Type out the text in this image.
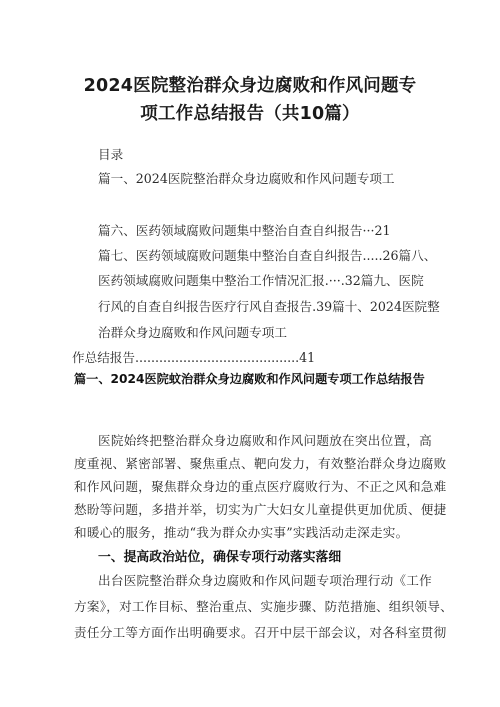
2024医院整治群众身边腐败和作风问题专
项工作总结报告（共10篇）
目录
篇一、2024医院整治群众身边腐败和作风问题专项工
篇六、医药领域腐败问题集中整治自查自纠报告···21
篇七、医药领域腐败问题集中整治自查自纠报告.....26篇八、
医药领域腐败问题集中整治工作情况汇报.···.32篇九、医院
行风的自查自纠报告医疗行风自查报告.39篇十、2024医院整
治群众身边腐败和作风问题专项工
作总结报告.........................................41
篇一、2024医院蚊治群众身边腐败和作风问题专项工作总结报告
医院始终把整治群众身边腐败和作风问题放在突出位置，高
度重视、紧密部署、聚焦重点、靶向发力，有效整治群众身边腐败
和作风问题，聚焦群众身边的重点医疗腐败行为、不正之风和急难
愁盼等问题，多措并举，切实为广大妇女儿童提供更加优质、便捷
和暖心的服务，推动“我为群众办实事”实践活动走深走实。
一、提高政治站位，确保专项行动落实落细
出台医院整治群众身边腐败和作风问题专项治理行动《工作
方案》，对工作目标、整治重点、实施步骤、防范措施、组织领导、
责任分工等方面作出明确要求。召开中层干部会议，对各科室贯彻
